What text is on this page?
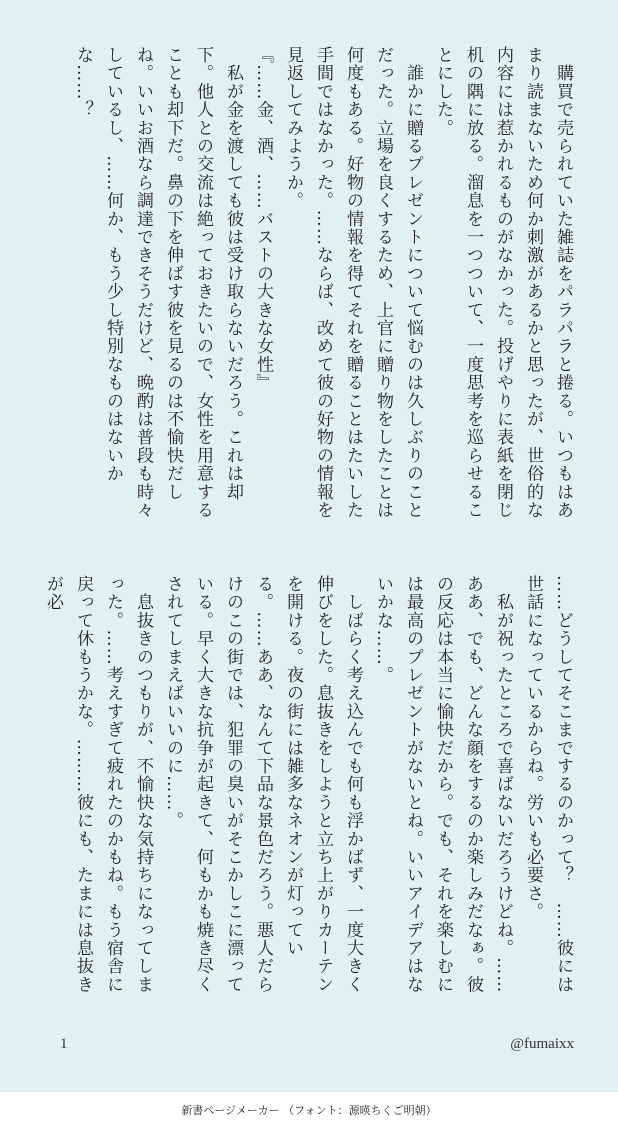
　購買で売られていた雑誌をパラパラと捲る。いつもはあまり読まないため何か刺激があるかと思ったが、世俗的な内容には惹かれるものがなかった。投げやりに表紙を閉じ机の隅に放る。溜息を一つついて、一度思考を巡らせることにした。

　誰かに贈るプレゼントについて悩むのは久しぶりのことだった。立場を良くするため、上官に贈り物をしたことは何度もある。好物の情報を得てそれを贈ることはたいした手間ではなかった。……ならば、改めて彼の好物の情報を見返してみようか。

『……金、酒、……バストの大きな女性』

　私が金を渡しても彼は受け取らないだろう。これは却下。他人との交流は絶っておきたいので、女性を用意することも却下だ。鼻の下を伸ばす彼を見るのは不愉快だしね。いいお酒なら調達できそうだけど、晩酌は普段も時々しているし、……何か、もう少し特別なものはないかな……？

……どうしてそこまでするのかって？　……彼には世話になっているからね。労いも必要さ。

　私が祝ったところで喜ばないだろうけどね。……ああ、でも、どんな顔をするのか楽しみだなぁ。彼の反応は本当に愉快だから。でも、それを楽しむには最高のプレゼントがないとね。いいアイデアはないかな……。

　しばらく考え込んでも何も浮かばず、一度大きく伸びをした。息抜きをしようと立ち上がりカーテンを開ける。夜の街には雑多なネオンが灯っている。……ああ、なんて下品な景色だろう。悪人だらけのこの街では、犯罪の臭いがそこかしこに漂っている。早く大きな抗争が起きて、何もかも焼き尽くされてしまえばいいのに……。

　息抜きのつもりが、不愉快な気持ちになってしまった。……考えすぎて疲れたのかもね。もう宿舎に戻って休もうかな。………彼にも、たまには息抜きが必

1	@fumaixx
新書ページメーカー （フォント：源暎ちくご明朝）
